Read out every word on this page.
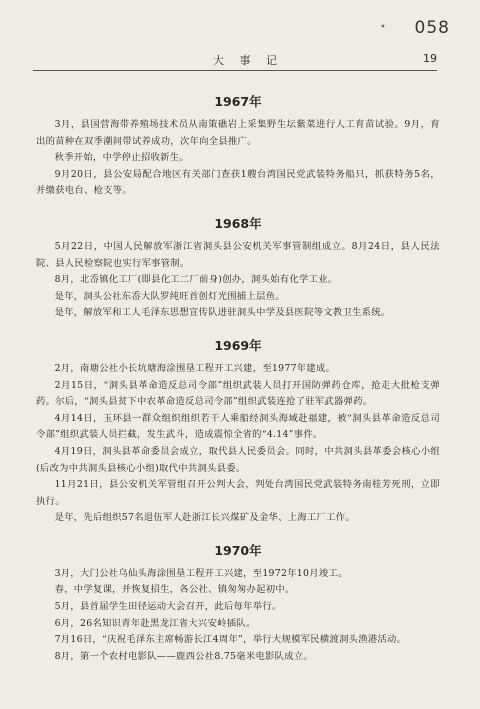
• 058
大 事 记	19
1967年

3月，县国营海带养殖场技术员从南策礁岩上采集野生坛紫菜进行人工育苗试验。9月，育出的苗种在双季潮间带试养成功，次年向全县推广。

秋季开始，中学停止招收新生。

9月20日，县公安局配合地区有关部门查获1艘台湾国民党武装特务船只，抓获特务5名，并缴获电台、枪支等。

1968年

5月22日，中国人民解放军浙江省洞头县公安机关军事管制组成立。8月24日，县人民法院、县人民检察院也实行军事管制。

8月，北岙镇化工厂(即县化工二厂前身)创办，洞头始有化学工业。

是年，洞头公社东岙大队罗纯旺首创灯光围捕上层鱼。

是年，解放军和工人毛泽东思想宣传队进驻洞头中学及县医院等文教卫生系统。

1969年

2月，南塘公社小长坑塘海涂围垦工程开工兴建，至1977年建成。

2月15日，“洞头县革命造反总司令部”组织武装人员打开国防弹药仓库，抢走大批枪支弹药。尔后，“洞头县贫下中农革命造反总司令部”组织武装连抢了驻军武器弹药。

4月14日，玉环县一群众组织组织若干人乘船经洞头海域赴福建，被“洞头县革命造反总司令部”组织武装人员拦截，发生武斗，造成震惊全省的“4.14”事件。

4月19日，洞头县革命委员会成立，取代县人民委员会。同时，中共洞头县革委会核心小组(后改为中共洞头县核心小组)取代中共洞头县委。

11月21日，县公安机关军管组召开公判大会，判处台湾国民党武装特务南桂芳死刑，立即执行。

是年，先后组织57名退伍军人赴浙江长兴煤矿及金华、上海工厂工作。

1970年

3月，大门公社乌仙头海涂围垦工程开工兴建，至1972年10月竣工。

春，中学复课，并恢复招生，各公社、镇匆匆办起初中。

5月，县首届学生田径运动大会召开，此后每年举行。

6月，26名知识青年赴黑龙江省大兴安岭插队。

7月16日，“庆祝毛泽东主席畅游长江4周年”，举行大规模军民横渡洞头渔港活动。

8月，第一个农村电影队——鹿西公社8.75毫米电影队成立。
